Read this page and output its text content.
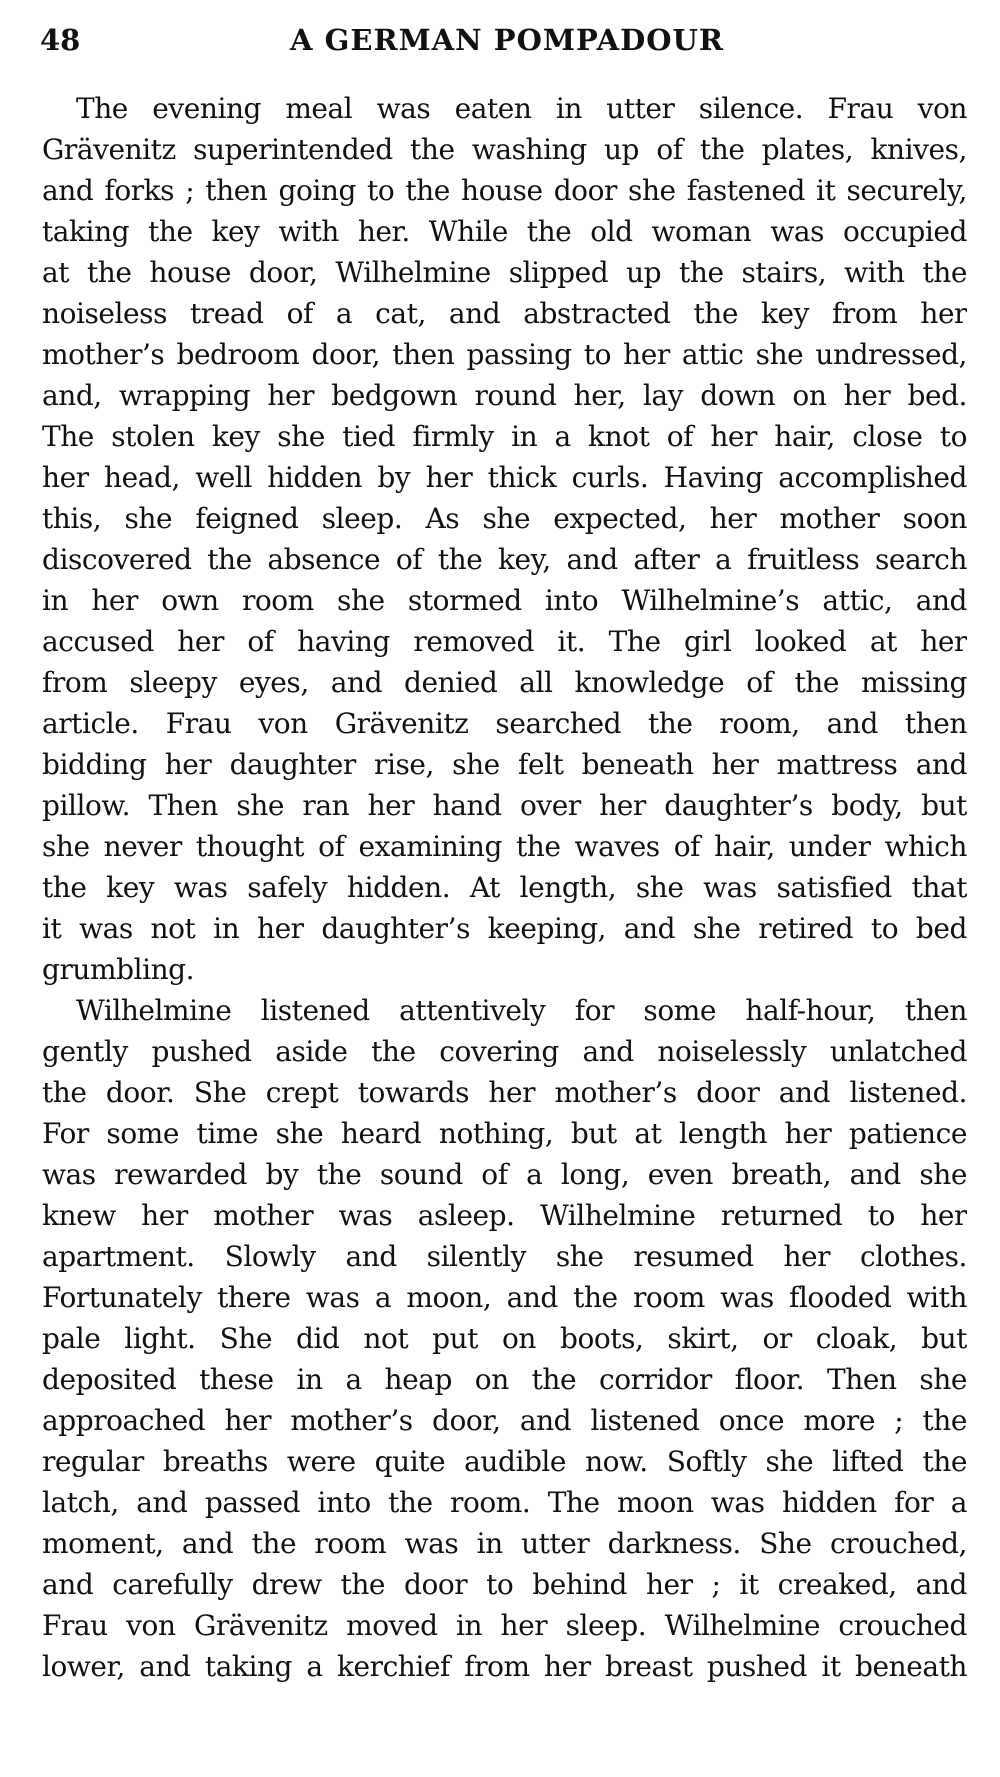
48	A GERMAN POMPADOUR
The evening meal was eaten in utter silence. Frau von
Grävenitz superintended the washing up of the plates, knives,
and forks ; then going to the house door she fastened it securely,
taking the key with her. While the old woman was occupied
at the house door, Wilhelmine slipped up the stairs, with the
noiseless tread of a cat, and abstracted the key from her
mother’s bedroom door, then passing to her attic she undressed,
and, wrapping her bedgown round her, lay down on her bed.
The stolen key she tied firmly in a knot of her hair, close to
her head, well hidden by her thick curls. Having accomplished
this, she feigned sleep. As she expected, her mother soon
discovered the absence of the key, and after a fruitless search
in her own room she stormed into Wilhelmine’s attic, and
accused her of having removed it. The girl looked at her
from sleepy eyes, and denied all knowledge of the missing
article. Frau von Grävenitz searched the room, and then
bidding her daughter rise, she felt beneath her mattress and
pillow. Then she ran her hand over her daughter’s body, but
she never thought of examining the waves of hair, under which
the key was safely hidden. At length, she was satisfied that
it was not in her daughter’s keeping, and she retired to bed
grumbling.
Wilhelmine listened attentively for some half-hour, then
gently pushed aside the covering and noiselessly unlatched
the door. She crept towards her mother’s door and listened.
For some time she heard nothing, but at length her patience
was rewarded by the sound of a long, even breath, and she
knew her mother was asleep. Wilhelmine returned to her
apartment. Slowly and silently she resumed her clothes.
Fortunately there was a moon, and the room was flooded with
pale light. She did not put on boots, skirt, or cloak, but
deposited these in a heap on the corridor floor. Then she
approached her mother’s door, and listened once more ; the
regular breaths were quite audible now. Softly she lifted the
latch, and passed into the room. The moon was hidden for a
moment, and the room was in utter darkness. She crouched,
and carefully drew the door to behind her ; it creaked, and
Frau von Grävenitz moved in her sleep. Wilhelmine crouched
lower, and taking a kerchief from her breast pushed it beneath
